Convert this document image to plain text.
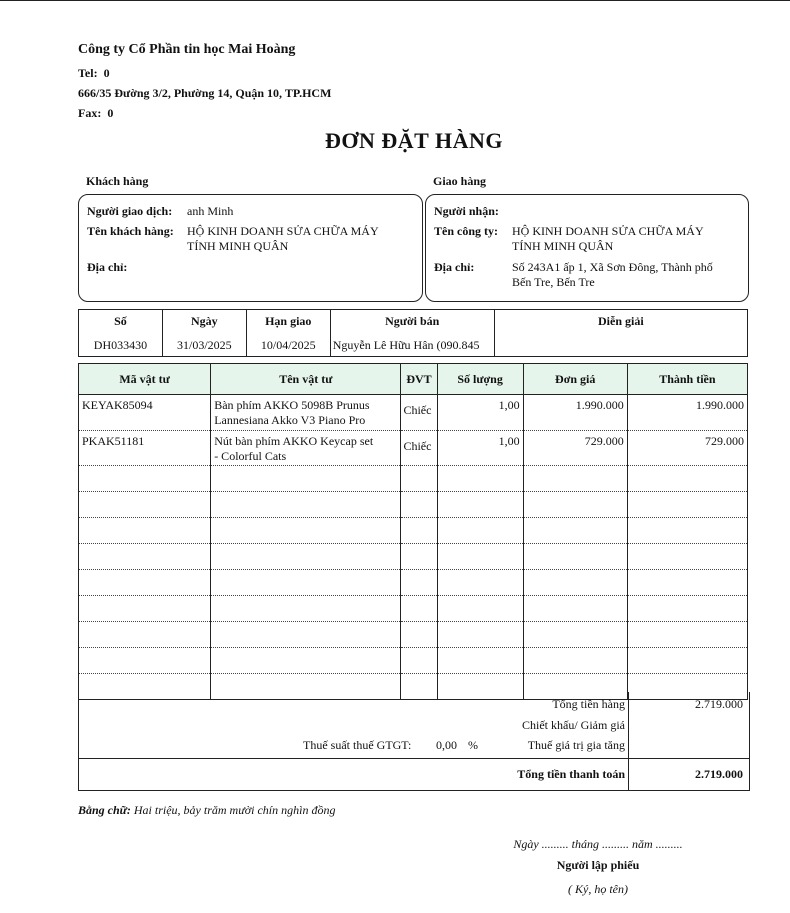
Công ty Cổ Phần tin học Mai Hoàng
Tel: 0
666/35 Đường 3/2, Phường 14, Quận 10, TP.HCM
Fax: 0
ĐƠN ĐẶT HÀNG
Khách hàng
Người giao dịch: anh Minh
Tên khách hàng: HỘ KINH DOANH SỬA CHỮA MÁY
TÍNH MINH QUÂN
Địa chỉ:
Giao hàng
Người nhận:
Tên công ty: HỘ KINH DOANH SỬA CHỮA MÁY
TÍNH MINH QUÂN
Địa chỉ:	Số 243A1 ấp 1, Xã Sơn Đông, Thành phố
Bến Tre, Bến Tre
Số	Ngày	Hạn giao	Người bán	Diễn giải
DH033430	31/03/2025	10/04/2025	Nguyễn Lê Hữu Hân (090.845	
Mã vật tư	Tên vật tư	ĐVT	Số lượng	Đơn giá	Thành tiền
KEYAK85094	Bàn phím AKKO 5098B Prunus
Lannesiana Akko V3 Piano Pro	Chiếc	1,00	1.990.000	1.990.000
PKAK51181	Nút bàn phím AKKO Keycap set
- Colorful Cats	Chiếc	1,00	729.000	729.000

Tổng tiền hàng	2.719.000
Chiết khấu/ Giảm giá
Thuế suất thuế GTGT: 0,00 %	Thuế giá trị gia tăng
Tổng tiền thanh toán	2.719.000
Bằng chữ: Hai triệu, bảy trăm mười chín nghìn đồng
Ngày ......... tháng ......... năm .........
Người lập phiếu
( Ký, họ tên)
